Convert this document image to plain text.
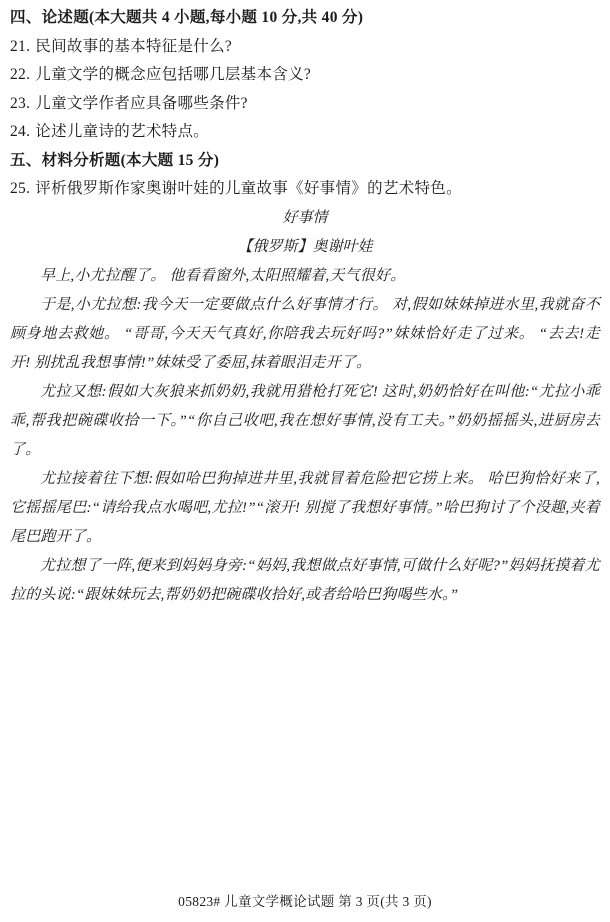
四、论述题(本大题共 4 小题,每小题 10 分,共 40 分)
21. 民间故事的基本特征是什么?
22. 儿童文学的概念应包括哪几层基本含义?
23. 儿童文学作者应具备哪些条件?
24. 论述儿童诗的艺术特点。
五、材料分析题(本大题 15 分)
25. 评析俄罗斯作家奥谢叶娃的儿童故事《好事情》的艺术特色。
好事情
【俄罗斯】奥谢叶娃

早上,小尤拉醒了。 他看看窗外,太阳照耀着,天气很好。

于是,小尤拉想:我今天一定要做点什么好事情才行。 对,假如妹妹掉进水里,我就奋不顾身地去救她。 “哥哥,今天天气真好,你陪我去玩好吗?”妹妹恰好走了过来。 “去去!走开! 别扰乱我想事情!”妹妹受了委屈,抹着眼泪走开了。

尤拉又想:假如大灰狼来抓奶奶,我就用猎枪打死它! 这时,奶奶恰好在叫他:“尤拉小乖乖,帮我把碗碟收拾一下。”“你自己收吧,我在想好事情,没有工夫。”奶奶摇摇头,进厨房去了。

尤拉接着往下想:假如哈巴狗掉进井里,我就冒着危险把它捞上来。 哈巴狗恰好来了,它摇摇尾巴:“请给我点水喝吧,尤拉!”“滚开! 别搅了我想好事情。”哈巴狗讨了个没趣,夹着尾巴跑开了。

尤拉想了一阵,便来到妈妈身旁:“妈妈,我想做点好事情,可做什么好呢?”妈妈抚摸着尤拉的头说:“跟妹妹玩去,帮奶奶把碗碟收拾好,或者给哈巴狗喝些水。”

05823# 儿童文学概论试题 第 3 页(共 3 页)
